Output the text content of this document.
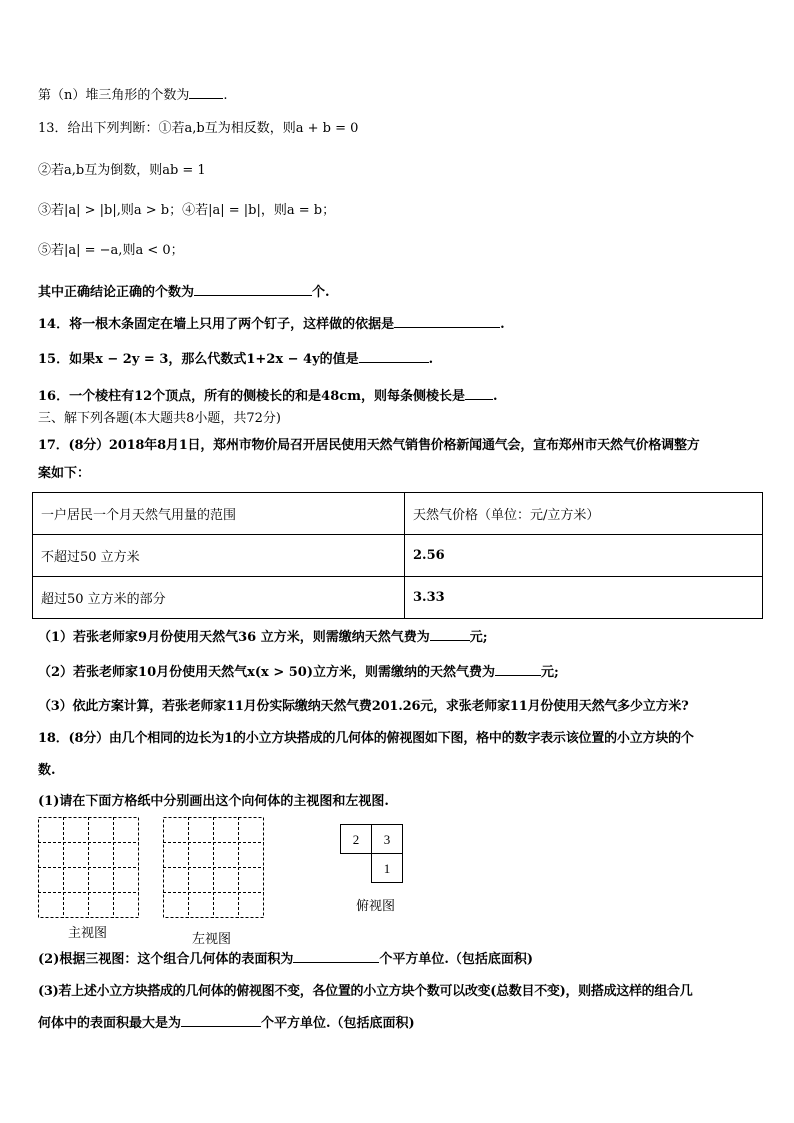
第（n）堆三角形的个数为	.
13．给出下列判断：①若a,b互为相反数，则a + b = 0
②若a,b互为倒数，则ab = 1
③若|a| > |b|,则a > b；④若|a| = |b|，则a = b；
⑤若|a| = −a,则a < 0；
其中正确结论正确的个数为	个.
14．将一根木条固定在墙上只用了两个钉子，这样做的依据是	.
15．如果x − 2y = 3，那么代数式1+2x − 4y的值是	.
16．一个棱柱有12个顶点，所有的侧棱长的和是48cm，则每条侧棱长是 .
三、解下列各题(本大题共8小题，共72分)
17．(8分）2018年8月1日，郑州市物价局召开居民使用天然气销售价格新闻通气会，宣布郑州市天然气价格调整方
案如下：
一户居民一个月天然气用量的范围	天然气价格（单位：元/立方米）
不超过50 立方米	2.56
超过50 立方米的部分	3.33
（1）若张老师家9月份使用天然气36 立方米，则需缴纳天然气费为	元;
（2）若张老师家10月份使用天然气x(x > 50)立方米，则需缴纳的天然气费为	元;
（3）依此方案计算，若张老师家11月份实际缴纳天然气费201.26元，求张老师家11月份使用天然气多少立方米?
18．(8分）由几个相同的边长为1的小立方块搭成的几何体的俯视图如下图，格中的数字表示该位置的小立方块的个
数.
(1)请在下面方格纸中分别画出这个向何体的主视图和左视图.
2 3
1
主视图	左视图
俯视图
(2)根据三视图：这个组合几何体的表面积为	个平方单位.（包括底面积)
(3)若上述小立方块搭成的几何体的俯视图不变，各位置的小立方块个数可以改变(总数目不变)，则搭成这样的组合几
何体中的表面积最大是为	个平方单位.（包括底面积)
